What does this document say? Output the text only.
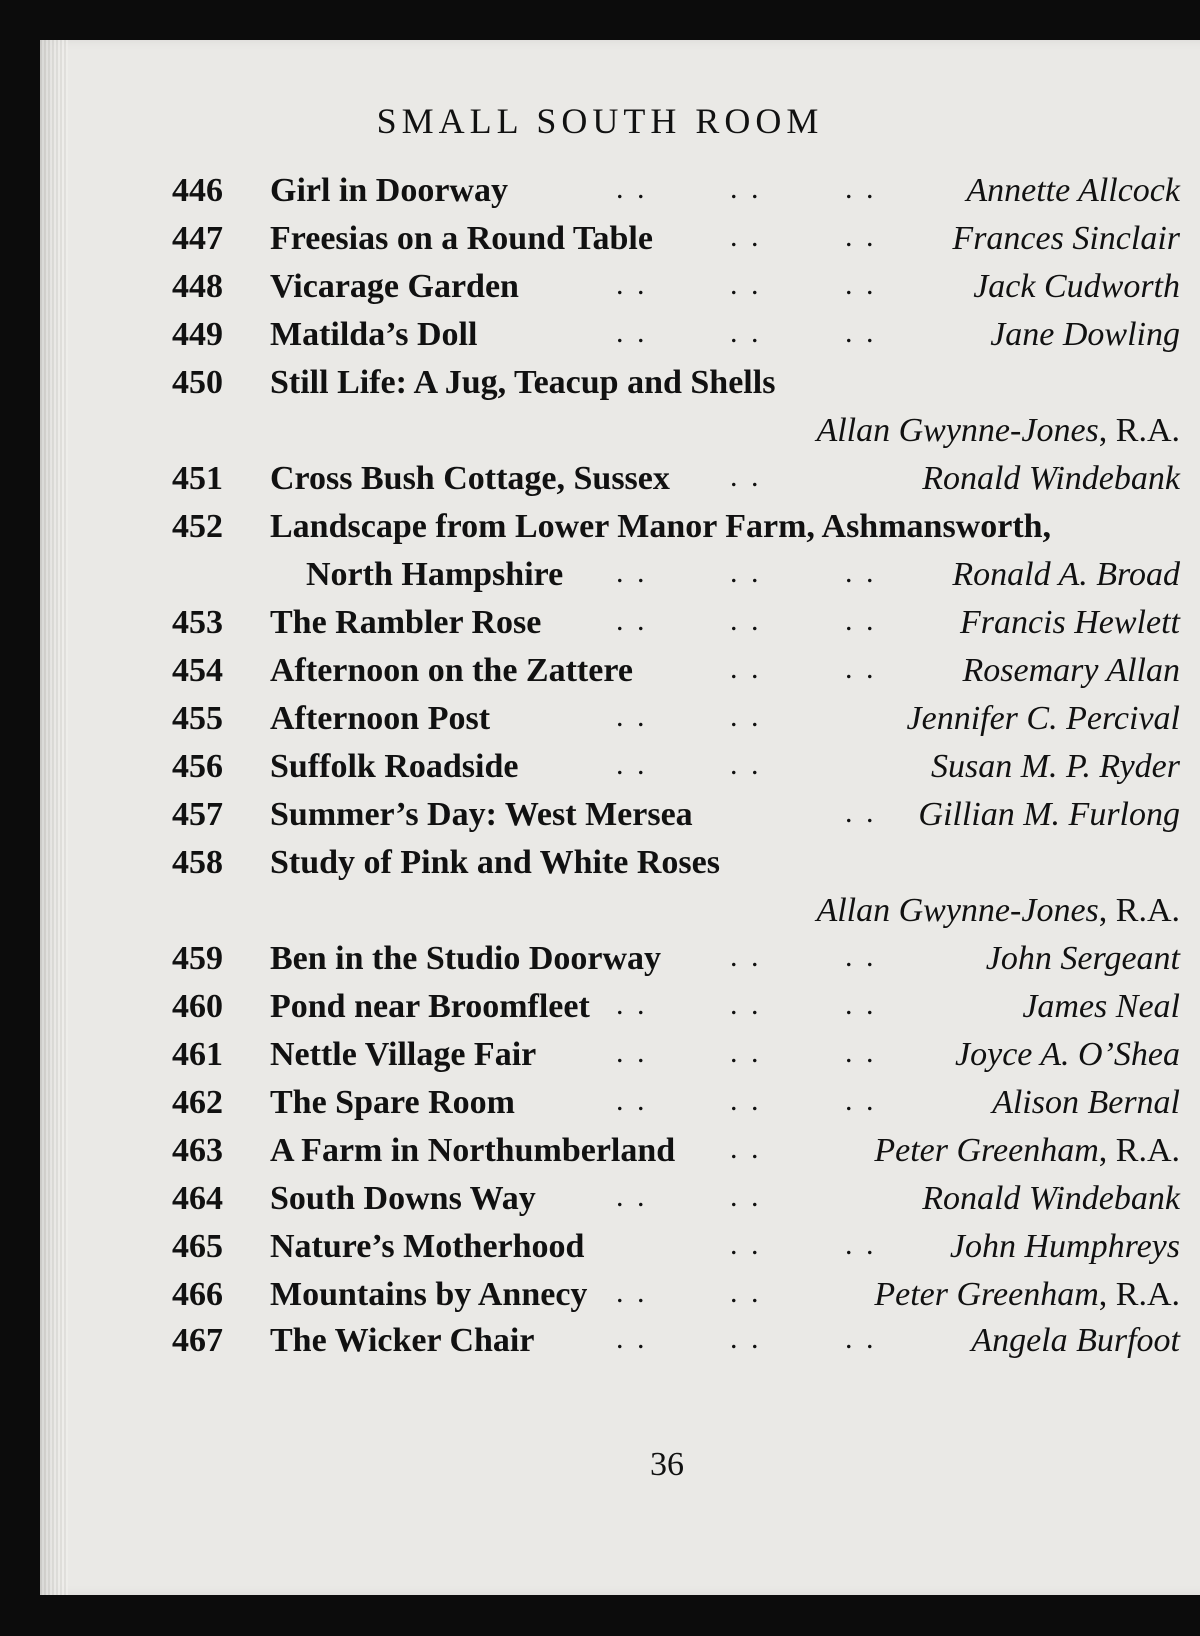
SMALL SOUTH ROOM
446 Girl in Doorway	. .	. .	. .	Annette Allcock
447 Freesias on a Round Table	. .	. . Frances Sinclair
448 Vicarage Garden	. .	. .	. .	Jack Cudworth
449 Matilda’s Doll	. .	. .	. .	Jane Dowling
450 Still Life: A Jug, Teacup and Shells
Allan Gwynne-Jones, R.A.
451 Cross Bush Cottage, Sussex . .	Ronald Windebank
452 Landscape from Lower Manor Farm, Ashmansworth,
North Hampshire . .	. .	. . Ronald A. Broad
453 The Rambler Rose . .	. .	. . Francis Hewlett
454 Afternoon on the Zattere	. .	. .	Rosemary Allan
455 Afternoon Post	. .	. .	Jennifer C. Percival
456 Suffolk Roadside	. .	. .	Susan M. P. Ryder
457 Summer’s Day: West Mersea	. . Gillian M. Furlong
458 Study of Pink and White Roses
Allan Gwynne-Jones, R.A.
459 Ben in the Studio Doorway . .	. .	John Sergeant
460 Pond near Broomfleet . .	. .	. .	James Neal
461 Nettle Village Fair	. .	. .	. . Joyce A. O’Shea
462 The Spare Room	. .	. .	. .	Alison Bernal
463 A Farm in Northumberland . .	Peter Greenham, R.A.
464 South Downs Way	. .	. .	Ronald Windebank
465 Nature’s Motherhood	. .	. . John Humphreys
466 Mountains by Annecy . .	. .	Peter Greenham, R.A.
467 The Wicker Chair	. .	. .	. .	Angela Burfoot
36
